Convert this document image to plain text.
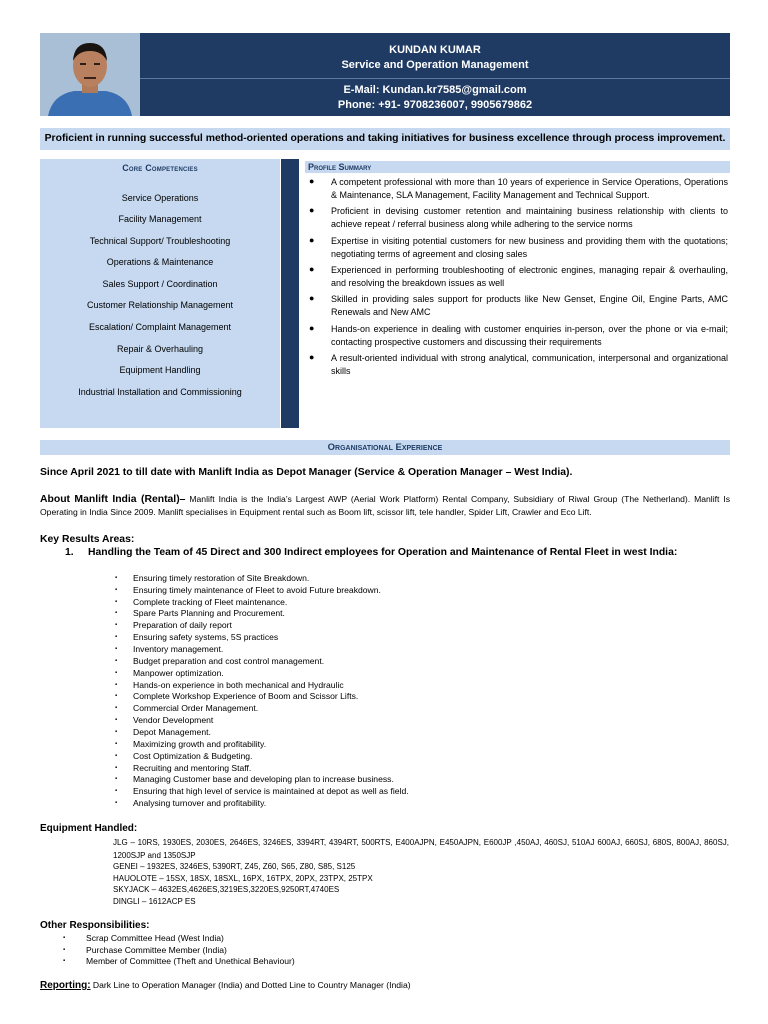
KUNDAN KUMAR
Service and Operation Management
E-Mail: Kundan.kr7585@gmail.com
Phone: +91- 9708236007, 9905679862
Proficient in running successful method-oriented operations and taking initiatives for business excellence through process improvement.
Core Competencies
Service Operations
Facility Management
Technical Support/ Troubleshooting
Operations & Maintenance
Sales Support / Coordination
Customer Relationship Management
Escalation/ Complaint Management
Repair & Overhauling
Equipment Handling
Industrial Installation and Commissioning
Profile Summary
● A competent professional with more than 10 years of experience in Service Operations, Operations & Maintenance, SLA Management, Facility Management and Technical Support.
● Proficient in devising customer retention and maintaining business relationship with clients to achieve repeat / referral business along while adhering to the service norms
● Expertise in visiting potential customers for new business and providing them with the quotations; negotiating terms of agreement and closing sales
● Experienced in performing troubleshooting of electronic engines, managing repair & overhauling, and resolving the breakdown issues as well
● Skilled in providing sales support for products like New Genset, Engine Oil, Engine Parts, AMC Renewals and New AMC
● Hands-on experience in dealing with customer enquiries in-person, over the phone or via e-mail; contacting prospective customers and discussing their requirements
● A result-oriented individual with strong analytical, communication, interpersonal and organizational skills
Organisational Experience
Since April 2021 to till date with Manlift India as Depot Manager (Service & Operation Manager – West India).
About Manlift India (Rental)– Manlift India is the India’s Largest AWP (Aerial Work Platform) Rental Company, Subsidiary of Riwal Group (The Netherland). Manlift Is Operating in India Since 2009. Manlift specialises in Equipment rental such as Boom lift, scissor lift, tele handler, Spider Lift, Crawler and Eco Lift.
Key Results Areas:
1. Handling the Team of 45 Direct and 300 Indirect employees for Operation and Maintenance of Rental Fleet in west India:
▪ Ensuring timely restoration of Site Breakdown.
▪ Ensuring timely maintenance of Fleet to avoid Future breakdown.
▪ Complete tracking of Fleet maintenance.
▪ Spare Parts Planning and Procurement.
▪ Preparation of daily report
▪ Ensuring safety systems, 5S practices
▪ Inventory management.
▪ Budget preparation and cost control management.
▪ Manpower optimization.
▪ Hands-on experience in both mechanical and Hydraulic
▪ Complete Workshop Experience of Boom and Scissor Lifts.
▪ Commercial Order Management.
▪ Vendor Development
▪ Depot Management.
▪ Maximizing growth and profitability.
▪ Cost Optimization & Budgeting.
▪ Recruiting and mentoring Staff.
▪ Managing Customer base and developing plan to increase business.
▪ Ensuring that high level of service is maintained at depot as well as field.
▪ Analysing turnover and profitability.
Equipment Handled:
JLG – 10RS, 1930ES, 2030ES, 2646ES, 3246ES, 3394RT, 4394RT, 500RTS, E400AJPN, E450AJPN, E600JP ,450AJ, 460SJ, 510AJ 600AJ, 660SJ, 680S, 800AJ, 860SJ, 1200SJP and 1350SJP
GENEI – 1932ES, 3246ES, 5390RT, Z45, Z60, S65, Z80, S85, S125
HAUOLOTE – 15SX, 18SX, 18SXL, 16PX, 16TPX, 20PX, 23TPX, 25TPX
SKYJACK – 4632ES,4626ES,3219ES,3220ES,9250RT,4740ES
DINGLI – 1612ACP ES
Other Responsibilities:
▪ Scrap Committee Head (West India)
▪ Purchase Committee Member (India)
▪ Member of Committee (Theft and Unethical Behaviour)
Reporting: Dark Line to Operation Manager (India) and Dotted Line to Country Manager (India)
